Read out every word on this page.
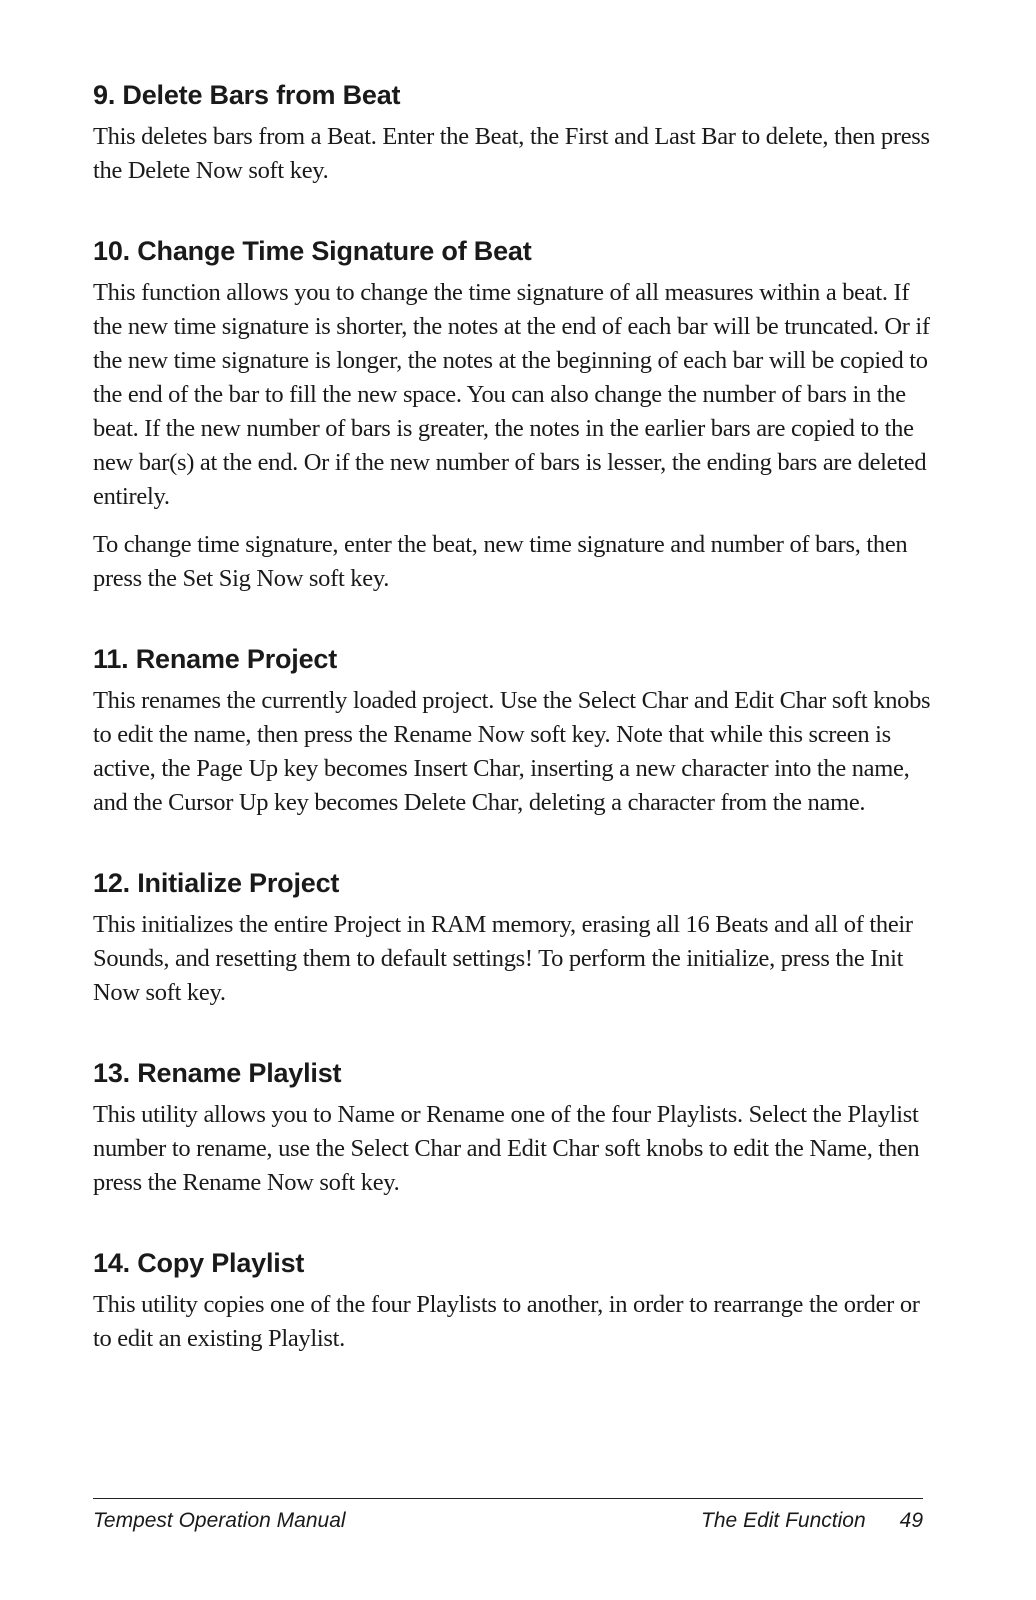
9. Delete Bars from Beat

This deletes bars from a Beat. Enter the Beat, the First and Last Bar to delete, then press the Delete Now soft key.

10. Change Time Signature of Beat

This function allows you to change the time signature of all measures within a beat. If the new time signature is shorter, the notes at the end of each bar will be truncated. Or if the new time signature is longer, the notes at the beginning of each bar will be copied to the end of the bar to fill the new space. You can also change the number of bars in the beat. If the new number of bars is greater, the notes in the earlier bars are copied to the new bar(s) at the end. Or if the new number of bars is lesser, the ending bars are deleted entirely.

To change time signature, enter the beat, new time signature and number of bars, then press the Set Sig Now soft key.

11. Rename Project

This renames the currently loaded project. Use the Select Char and Edit Char soft knobs to edit the name, then press the Rename Now soft key. Note that while this screen is active, the Page Up key becomes Insert Char, inserting a new character into the name, and the Cursor Up key becomes Delete Char, deleting a character from the name.

12. Initialize Project

This initializes the entire Project in RAM memory, erasing all 16 Beats and all of their Sounds, and resetting them to default settings! To perform the initialize, press the Init Now soft key.

13. Rename Playlist

This utility allows you to Name or Rename one of the four Playlists. Select the Playlist number to rename, use the Select Char and Edit Char soft knobs to edit the Name, then press the Rename Now soft key.

14. Copy Playlist

This utility copies one of the four Playlists to another, in order to rearrange the order or to edit an existing Playlist.

Tempest Operation Manual	The Edit Function 49
